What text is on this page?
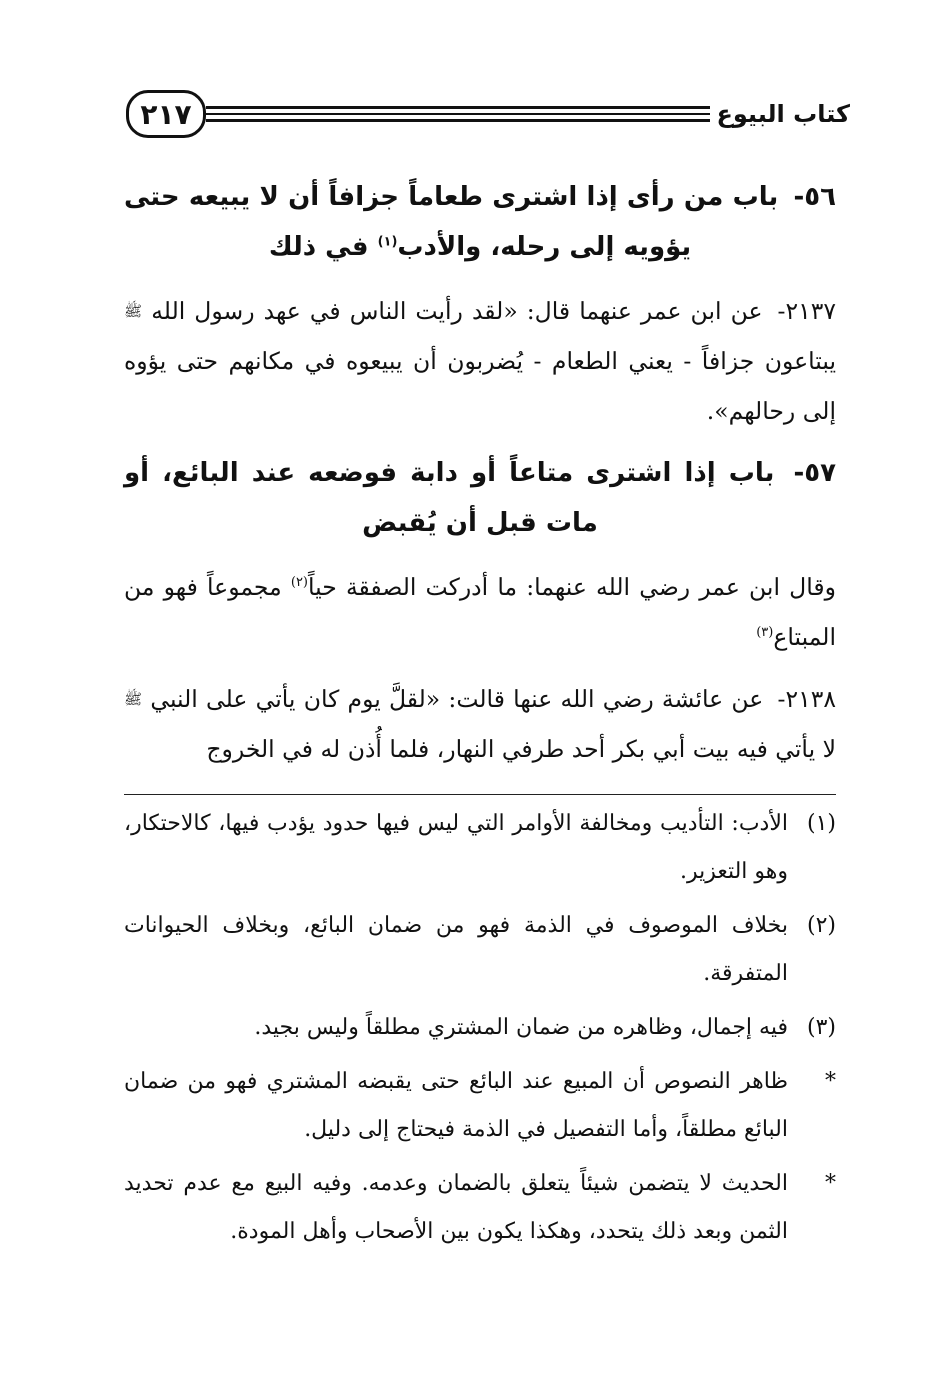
٢١٧	كتاب البيوع
٥٦- باب من رأى إذا اشترى طعاماً جزافاً أن لا يبيعه حتى يؤويه إلى رحله، والأدب$^{(١)}$ في ذلك

٢١٣٧- عن ابن عمر عنهما قال: «لقد رأيت الناس في عهد رسول الله ﷺ يبتاعون جزافاً - يعني الطعام - يُضربون أن يبيعوه في مكانهم حتى يؤوه إلى رحالهم».

٥٧- باب إذا اشترى متاعاً أو دابة فوضعه عند البائع، أو مات قبل أن يُقبض

وقال ابن عمر رضي الله عنهما: ما أدركت الصفقة حياً$^{(٢)}$ مجموعاً فهو من المبتاع$^{(٣)}$

٢١٣٨- عن عائشة رضي الله عنها قالت: «لقلَّ يوم كان يأتي على النبي ﷺ لا يأتي فيه بيت أبي بكر أحد طرفي النهار، فلما أُذن له في الخروج

(١)
الأدب: التأديب ومخالفة الأوامر التي ليس فيها حدود يؤدب فيها، كالاحتكار، وهو التعزير.

(٢)
بخلاف الموصوف في الذمة فهو من ضمان البائع، وبخلاف الحيوانات المتفرقة.

(٣)
فيه إجمال، وظاهره من ضمان المشتري مطلقاً وليس بجيد.

*
ظاهر النصوص أن المبيع عند البائع حتى يقبضه المشتري فهو من ضمان البائع مطلقاً، وأما التفصيل في الذمة فيحتاج إلى دليل.

*
الحديث لا يتضمن شيئاً يتعلق بالضمان وعدمه. وفيه البيع مع عدم تحديد الثمن وبعد ذلك يتحدد، وهكذا يكون بين الأصحاب وأهل المودة.
